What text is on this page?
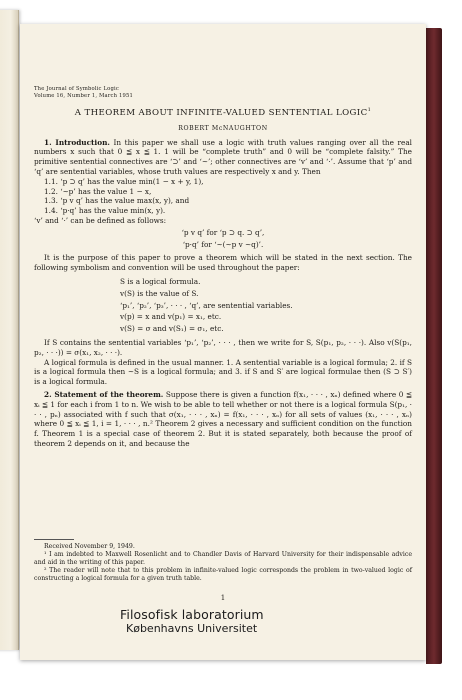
The Journal of Symbolic Logic
Volume 16, Number 1, March 1951
A THEOREM ABOUT INFINITE-VALUED SENTENTIAL LOGIC$^1$
ROBERT McNAUGHTON

1. Introduction. In this paper we shall use a logic with truth values ranging over all the real numbers x such that 0 ≦ x ≦ 1. 1 will be “complete truth” and 0 will be “complete falsity.” The primitive sentential connectives are ‘⊃’ and ‘~’; other connectives are ‘v’ and ‘·’. Assume that ‘p’ and ‘q’ are sentential variables, whose truth values are respectively x and y. Then

1.1. ‘p ⊃ q’ has the value min(1 − x + y, 1),
1.2. ‘~p’ has the value 1 − x,
1.3. ‘p v q’ has the value max(x, y), and
1.4. ‘p·q’ has the value min(x, y).

‘v’ and ‘·’ can be defined as follows:

‘p v q’ for ‘p ⊃ q. ⊃ q’,
‘p·q’ for ‘~(~p v ~q)’.

It is the purpose of this paper to prove a theorem which will be stated in the next section. The following symbolism and convention will be used throughout the paper:

S is a logical formula.
v(S) is the value of S.
‘p₁’, ‘p₂’, ‘p₃’, · · · , ‘q’, are sentential variables.
v(p) = x and v(p₁) = x₁, etc.
v(S) = σ and v(S₁) = σ₁, etc.

If S contains the sentential variables ‘p₁’, ‘p₂’, · · · , then we write for S, S(p₁, p₂, · · ·). Also v(S(p₁, p₂, · · ·)) = σ(x₁, x₂, · · ·).

A logical formula is defined in the usual manner. 1. A sentential variable is a logical formula; 2. if S is a logical formula then ~S is a logical formula; and 3. if S and S′ are logical formulae then (S ⊃ S′) is a logical formula.

2. Statement of the theorem. Suppose there is given a function f(x₁, · · · , xₙ) defined where 0 ≦ xᵢ ≦ 1 for each i from 1 to n. We wish to be able to tell whether or not there is a logical formula S(p₁, · · · , pₙ) associated with f such that σ(x₁, · · · , xₙ) = f(x₁, · · · , xₙ) for all sets of values (x₁, · · · , xₙ) where 0 ≦ xᵢ ≦ 1, i = 1, · · · , n.² Theorem 2 gives a necessary and sufficient condition on the function f. Theorem 1 is a special case of theorem 2. But it is stated separately, both because the proof of theorem 2 depends on it, and because the

Received November 9, 1949.
¹ I am indebted to Maxwell Rosenlicht and to Chandler Davis of Harvard University for their indispensable advice and aid in the writing of this paper.
² The reader will note that to this problem in infinite-valued logic corresponds the problem in two-valued logic of constructing a logical formula for a given truth table.
1
Filosofisk laboratorium
Københavns Universitet
